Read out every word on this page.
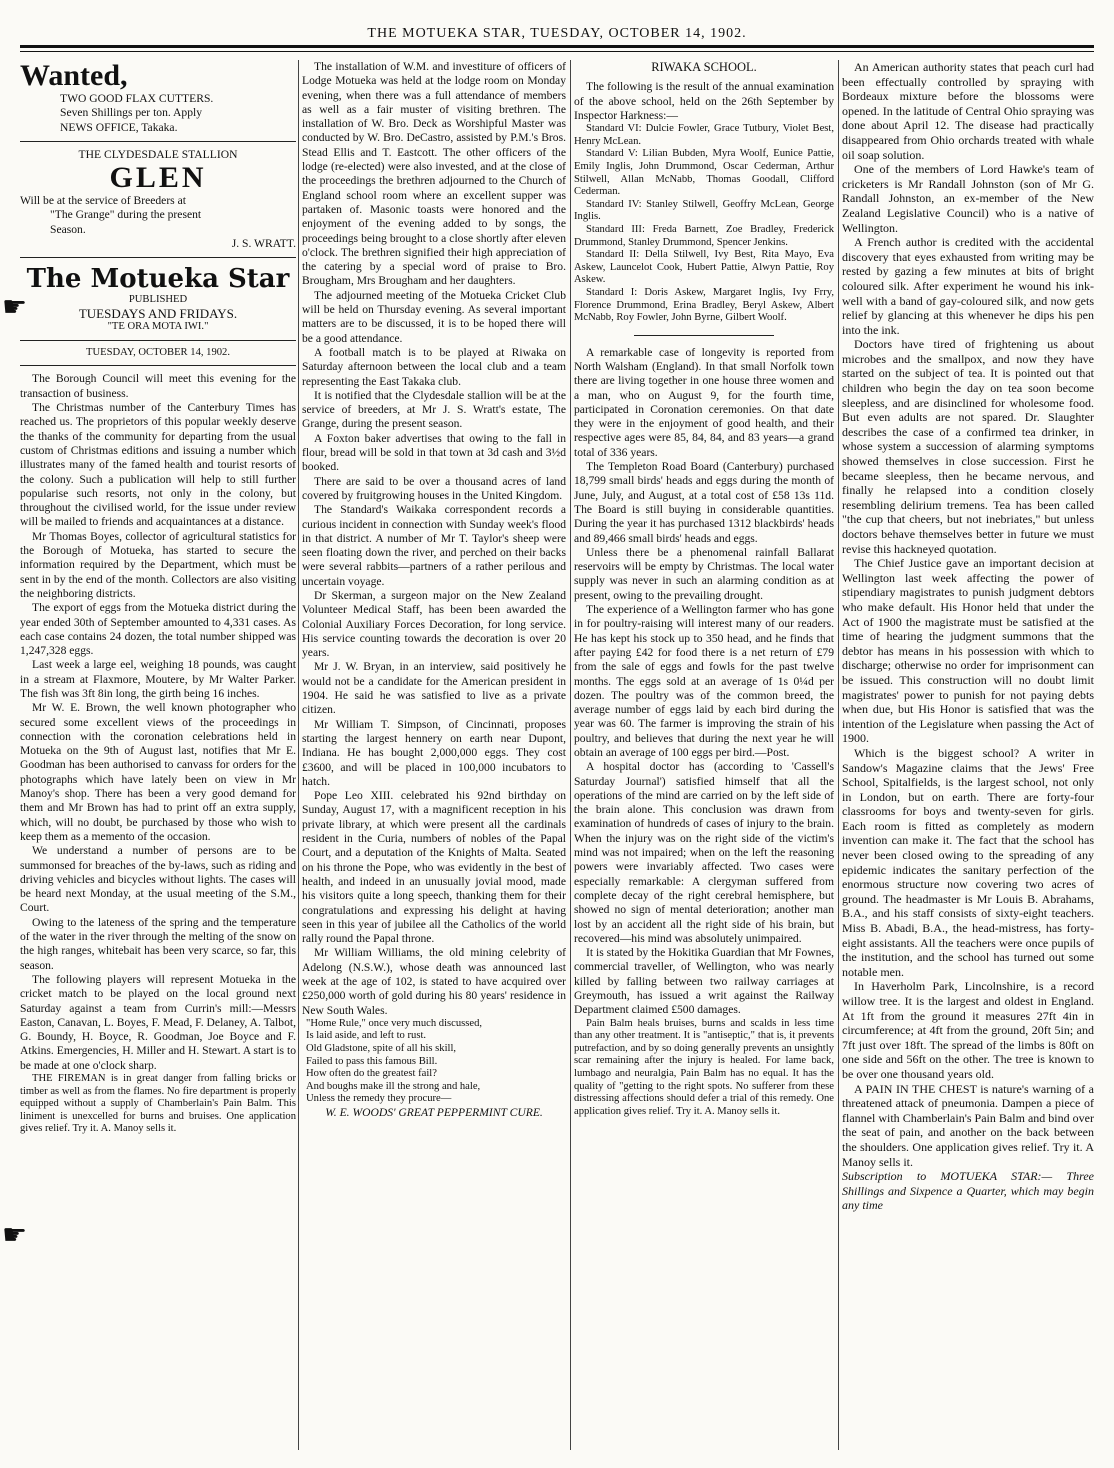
THE MOTUEKA STAR, TUESDAY, OCTOBER 14, 1902.
Wanted,
TWO GOOD FLAX CUTTERS.
Seven Shillings per ton. Apply
NEWS OFFICE, Takaka.
THE CLYDESDALE STALLION
GLEN
Will be at the service of Breeders at
"The Grange" during the present
Season.
J. S. WRATT.
The Motueka Star
PUBLISHED
TUESDAYS AND FRIDAYS.
"TE ORA MOTA IWI."
TUESDAY, OCTOBER 14, 1902.

The Borough Council will meet this evening for the transaction of business.

The Christmas number of the Canterbury Times has reached us. The proprietors of this popular weekly deserve the thanks of the community for departing from the usual custom of Christmas editions and issuing a number which illustrates many of the famed health and tourist resorts of the colony. Such a publication will help to still further popularise such resorts, not only in the colony, but throughout the civilised world, for the issue under review will be mailed to friends and acquaintances at a distance.

Mr Thomas Boyes, collector of agricultural statistics for the Borough of Motueka, has started to secure the information required by the Department, which must be sent in by the end of the month. Collectors are also visiting the neighboring districts.

The export of eggs from the Motueka district during the year ended 30th of September amounted to 4,331 cases. As each case contains 24 dozen, the total number shipped was 1,247,328 eggs.

Last week a large eel, weighing 18 pounds, was caught in a stream at Flaxmore, Moutere, by Mr Walter Parker. The fish was 3ft 8in long, the girth being 16 inches.

Mr W. E. Brown, the well known photographer who secured some excellent views of the proceedings in connection with the coronation celebrations held in Motueka on the 9th of August last, notifies that Mr E. Goodman has been authorised to canvass for orders for the photographs which have lately been on view in Mr Manoy's shop. There has been a very good demand for them and Mr Brown has had to print off an extra supply, which, will no doubt, be purchased by those who wish to keep them as a memento of the occasion.

We understand a number of persons are to be summonsed for breaches of the by-laws, such as riding and driving vehicles and bicycles without lights. The cases will be heard next Monday, at the usual meeting of the S.M., Court.

Owing to the lateness of the spring and the temperature of the water in the river through the melting of the snow on the high ranges, whitebait has been very scarce, so far, this season.

The following players will represent Motueka in the cricket match to be played on the local ground next Saturday against a team from Currin's mill:—Messrs Easton, Canavan, L. Boyes, F. Mead, F. Delaney, A. Talbot, G. Boundy, H. Boyce, R. Goodman, Joe Boyce and F. Atkins. Emergencies, H. Miller and H. Stewart. A start is to be made at one o'clock sharp.

THE FIREMAN is in great danger from falling bricks or timber as well as from the flames. No fire department is properly equipped without a supply of Chamberlain's Pain Balm. This liniment is unexcelled for burns and bruises. One application gives relief. Try it. A. Manoy sells it.

The installation of W.M. and investiture of officers of Lodge Motueka was held at the lodge room on Monday evening, when there was a full attendance of members as well as a fair muster of visiting brethren. The installation of W. Bro. Deck as Worshipful Master was conducted by W. Bro. DeCastro, assisted by P.M.'s Bros. Stead Ellis and T. Eastcott. The other officers of the lodge (re-elected) were also invested, and at the close of the proceedings the brethren adjourned to the Church of England school room where an excellent supper was partaken of. Masonic toasts were honored and the enjoyment of the evening added to by songs, the proceedings being brought to a close shortly after eleven o'clock. The brethren signified their high appreciation of the catering by a special word of praise to Bro. Brougham, Mrs Brougham and her daughters.

The adjourned meeting of the Motueka Cricket Club will be held on Thursday evening. As several important matters are to be discussed, it is to be hoped there will be a good attendance.

A football match is to be played at Riwaka on Saturday afternoon between the local club and a team representing the East Takaka club.

It is notified that the Clydesdale stallion will be at the service of breeders, at Mr J. S. Wratt's estate, The Grange, during the present season.

A Foxton baker advertises that owing to the fall in flour, bread will be sold in that town at 3d cash and 3½d booked.

There are said to be over a thousand acres of land covered by fruitgrowing houses in the United Kingdom.

The Standard's Waikaka correspondent records a curious incident in connection with Sunday week's flood in that district. A number of Mr T. Taylor's sheep were seen floating down the river, and perched on their backs were several rabbits—partners of a rather perilous and uncertain voyage.

Dr Skerman, a surgeon major on the New Zealand Volunteer Medical Staff, has been been awarded the Colonial Auxiliary Forces Decoration, for long service. His service counting towards the decoration is over 20 years.

Mr J. W. Bryan, in an interview, said positively he would not be a candidate for the American president in 1904. He said he was satisfied to live as a private citizen.

Mr William T. Simpson, of Cincinnati, proposes starting the largest hennery on earth near Dupont, Indiana. He has bought 2,000,000 eggs. They cost £3600, and will be placed in 100,000 incubators to hatch.

Pope Leo XIII. celebrated his 92nd birthday on Sunday, August 17, with a magnificent reception in his private library, at which were present all the cardinals resident in the Curia, numbers of nobles of the Papal Court, and a deputation of the Knights of Malta. Seated on his throne the Pope, who was evidently in the best of health, and indeed in an unusually jovial mood, made his visitors quite a long speech, thanking them for their congratulations and expressing his delight at having seen in this year of jubilee all the Catholics of the world rally round the Papal throne.

Mr William Williams, the old mining celebrity of Adelong (N.S.W.), whose death was announced last week at the age of 102, is stated to have acquired over £250,000 worth of gold during his 80 years' residence in New South Wales.

"Home Rule," once very much discussed,
Is laid aside, and left to rust.
Old Gladstone, spite of all his skill,
Failed to pass this famous Bill.
How often do the greatest fail?
And boughs make ill the strong and hale,
Unless the remedy they procure—
W. E. WOODS' GREAT PEPPERMINT CURE.
RIWAKA SCHOOL.

The following is the result of the annual examination of the above school, held on the 26th September by Inspector Harkness:—

Standard VI: Dulcie Fowler, Grace Tutbury, Violet Best, Henry McLean.

Standard V: Lilian Bubden, Myra Woolf, Eunice Pattie, Emily Inglis, John Drummond, Oscar Cederman, Arthur Stilwell, Allan McNabb, Thomas Goodall, Clifford Cederman.

Standard IV: Stanley Stilwell, Geoffry McLean, George Inglis.

Standard III: Freda Barnett, Zoe Bradley, Frederick Drummond, Stanley Drummond, Spencer Jenkins.

Standard II: Della Stilwell, Ivy Best, Rita Mayo, Eva Askew, Launcelot Cook, Hubert Pattie, Alwyn Pattie, Roy Askew.

Standard I: Doris Askew, Margaret Inglis, Ivy Frry, Florence Drummond, Erina Bradley, Beryl Askew, Albert McNabb, Roy Fowler, John Byrne, Gilbert Woolf.

A remarkable case of longevity is reported from North Walsham (England). In that small Norfolk town there are living together in one house three women and a man, who on August 9, for the fourth time, participated in Coronation ceremonies. On that date they were in the enjoyment of good health, and their respective ages were 85, 84, 84, and 83 years—a grand total of 336 years.

The Templeton Road Board (Canterbury) purchased 18,799 small birds' heads and eggs during the month of June, July, and August, at a total cost of £58 13s 11d. The Board is still buying in considerable quantities. During the year it has purchased 1312 blackbirds' heads and 89,466 small birds' heads and eggs.

Unless there be a phenomenal rainfall Ballarat reservoirs will be empty by Christmas. The local water supply was never in such an alarming condition as at present, owing to the prevailing drought.

The experience of a Wellington farmer who has gone in for poultry-raising will interest many of our readers. He has kept his stock up to 350 head, and he finds that after paying £42 for food there is a net return of £79 from the sale of eggs and fowls for the past twelve months. The eggs sold at an average of 1s 0¼d per dozen. The poultry was of the common breed, the average number of eggs laid by each bird during the year was 60. The farmer is improving the strain of his poultry, and believes that during the next year he will obtain an average of 100 eggs per bird.—Post.

A hospital doctor has (according to 'Cassell's Saturday Journal') satisfied himself that all the operations of the mind are carried on by the left side of the brain alone. This conclusion was drawn from examination of hundreds of cases of injury to the brain. When the injury was on the right side of the victim's mind was not impaired; when on the left the reasoning powers were invariably affected. Two cases were especially remarkable: A clergyman suffered from complete decay of the right cerebral hemisphere, but showed no sign of mental deterioration; another man lost by an accident all the right side of his brain, but recovered—his mind was absolutely unimpaired.

It is stated by the Hokitika Guardian that Mr Fownes, commercial traveller, of Wellington, who was nearly killed by falling between two railway carriages at Greymouth, has issued a writ against the Railway Department claimed £500 damages.

Pain Balm heals bruises, burns and scalds in less time than any other treatment. It is "antiseptic," that is, it prevents putrefaction, and by so doing generally prevents an unsightly scar remaining after the injury is healed. For lame back, lumbago and neuralgia, Pain Balm has no equal. It has the quality of "getting to the right spots. No sufferer from these distressing affections should defer a trial of this remedy. One application gives relief. Try it. A. Manoy sells it.

An American authority states that peach curl had been effectually controlled by spraying with Bordeaux mixture before the blossoms were opened. In the latitude of Central Ohio spraying was done about April 12. The disease had practically disappeared from Ohio orchards treated with whale oil soap solution.

One of the members of Lord Hawke's team of cricketers is Mr Randall Johnston (son of Mr G. Randall Johnston, an ex-member of the New Zealand Legislative Council) who is a native of Wellington.

A French author is credited with the accidental discovery that eyes exhausted from writing may be rested by gazing a few minutes at bits of bright coloured silk. After experiment he wound his ink-well with a band of gay-coloured silk, and now gets relief by glancing at this whenever he dips his pen into the ink.

Doctors have tired of frightening us about microbes and the smallpox, and now they have started on the subject of tea. It is pointed out that children who begin the day on tea soon become sleepless, and are disinclined for wholesome food. But even adults are not spared. Dr. Slaughter describes the case of a confirmed tea drinker, in whose system a succession of alarming symptoms showed themselves in close succession. First he became sleepless, then he became nervous, and finally he relapsed into a condition closely resembling delirium tremens. Tea has been called "the cup that cheers, but not inebriates," but unless doctors behave themselves better in future we must revise this hackneyed quotation.

The Chief Justice gave an important decision at Wellington last week affecting the power of stipendiary magistrates to punish judgment debtors who make default. His Honor held that under the Act of 1900 the magistrate must be satisfied at the time of hearing the judgment summons that the debtor has means in his possession with which to discharge; otherwise no order for imprisonment can be issued. This construction will no doubt limit magistrates' power to punish for not paying debts when due, but His Honor is satisfied that was the intention of the Legislature when passing the Act of 1900.

Which is the biggest school? A writer in Sandow's Magazine claims that the Jews' Free School, Spitalfields, is the largest school, not only in London, but on earth. There are forty-four classrooms for boys and twenty-seven for girls. Each room is fitted as completely as modern invention can make it. The fact that the school has never been closed owing to the spreading of any epidemic indicates the sanitary perfection of the enormous structure now covering two acres of ground. The headmaster is Mr Louis B. Abrahams, B.A., and his staff consists of sixty-eight teachers. Miss B. Abadi, B.A., the head-mistress, has forty-eight assistants. All the teachers were once pupils of the institution, and the school has turned out some notable men.

In Haverholm Park, Lincolnshire, is a record willow tree. It is the largest and oldest in England. At 1ft from the ground it measures 27ft 4in in circumference; at 4ft from the ground, 20ft 5in; and 7ft just over 18ft. The spread of the limbs is 80ft on one side and 56ft on the other. The tree is known to be over one thousand years old.

A PAIN IN THE CHEST is nature's warning of a threatened attack of pneumonia. Dampen a piece of flannel with Chamberlain's Pain Balm and bind over the seat of pain, and another on the back between the shoulders. One application gives relief. Try it. A Manoy sells it.

Subscription to MOTUEKA STAR:— Three Shillings and Sixpence a Quarter, which may begin any time

☛
☛
